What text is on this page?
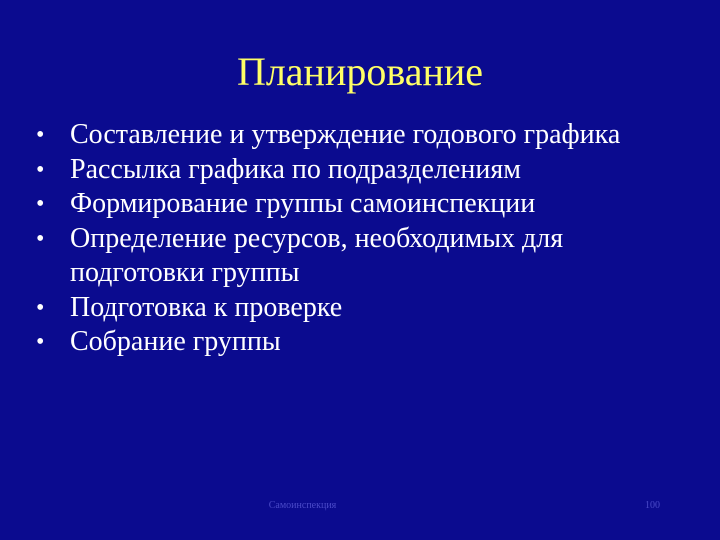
Планирование
• Составление и утверждение годового графика
• Рассылка графика по подразделениям
• Формирование группы самоинспекции
• Определение ресурсов, необходимых для подготовки группы
• Подготовка к проверке
• Собрание группы
Самоинспекция	100
